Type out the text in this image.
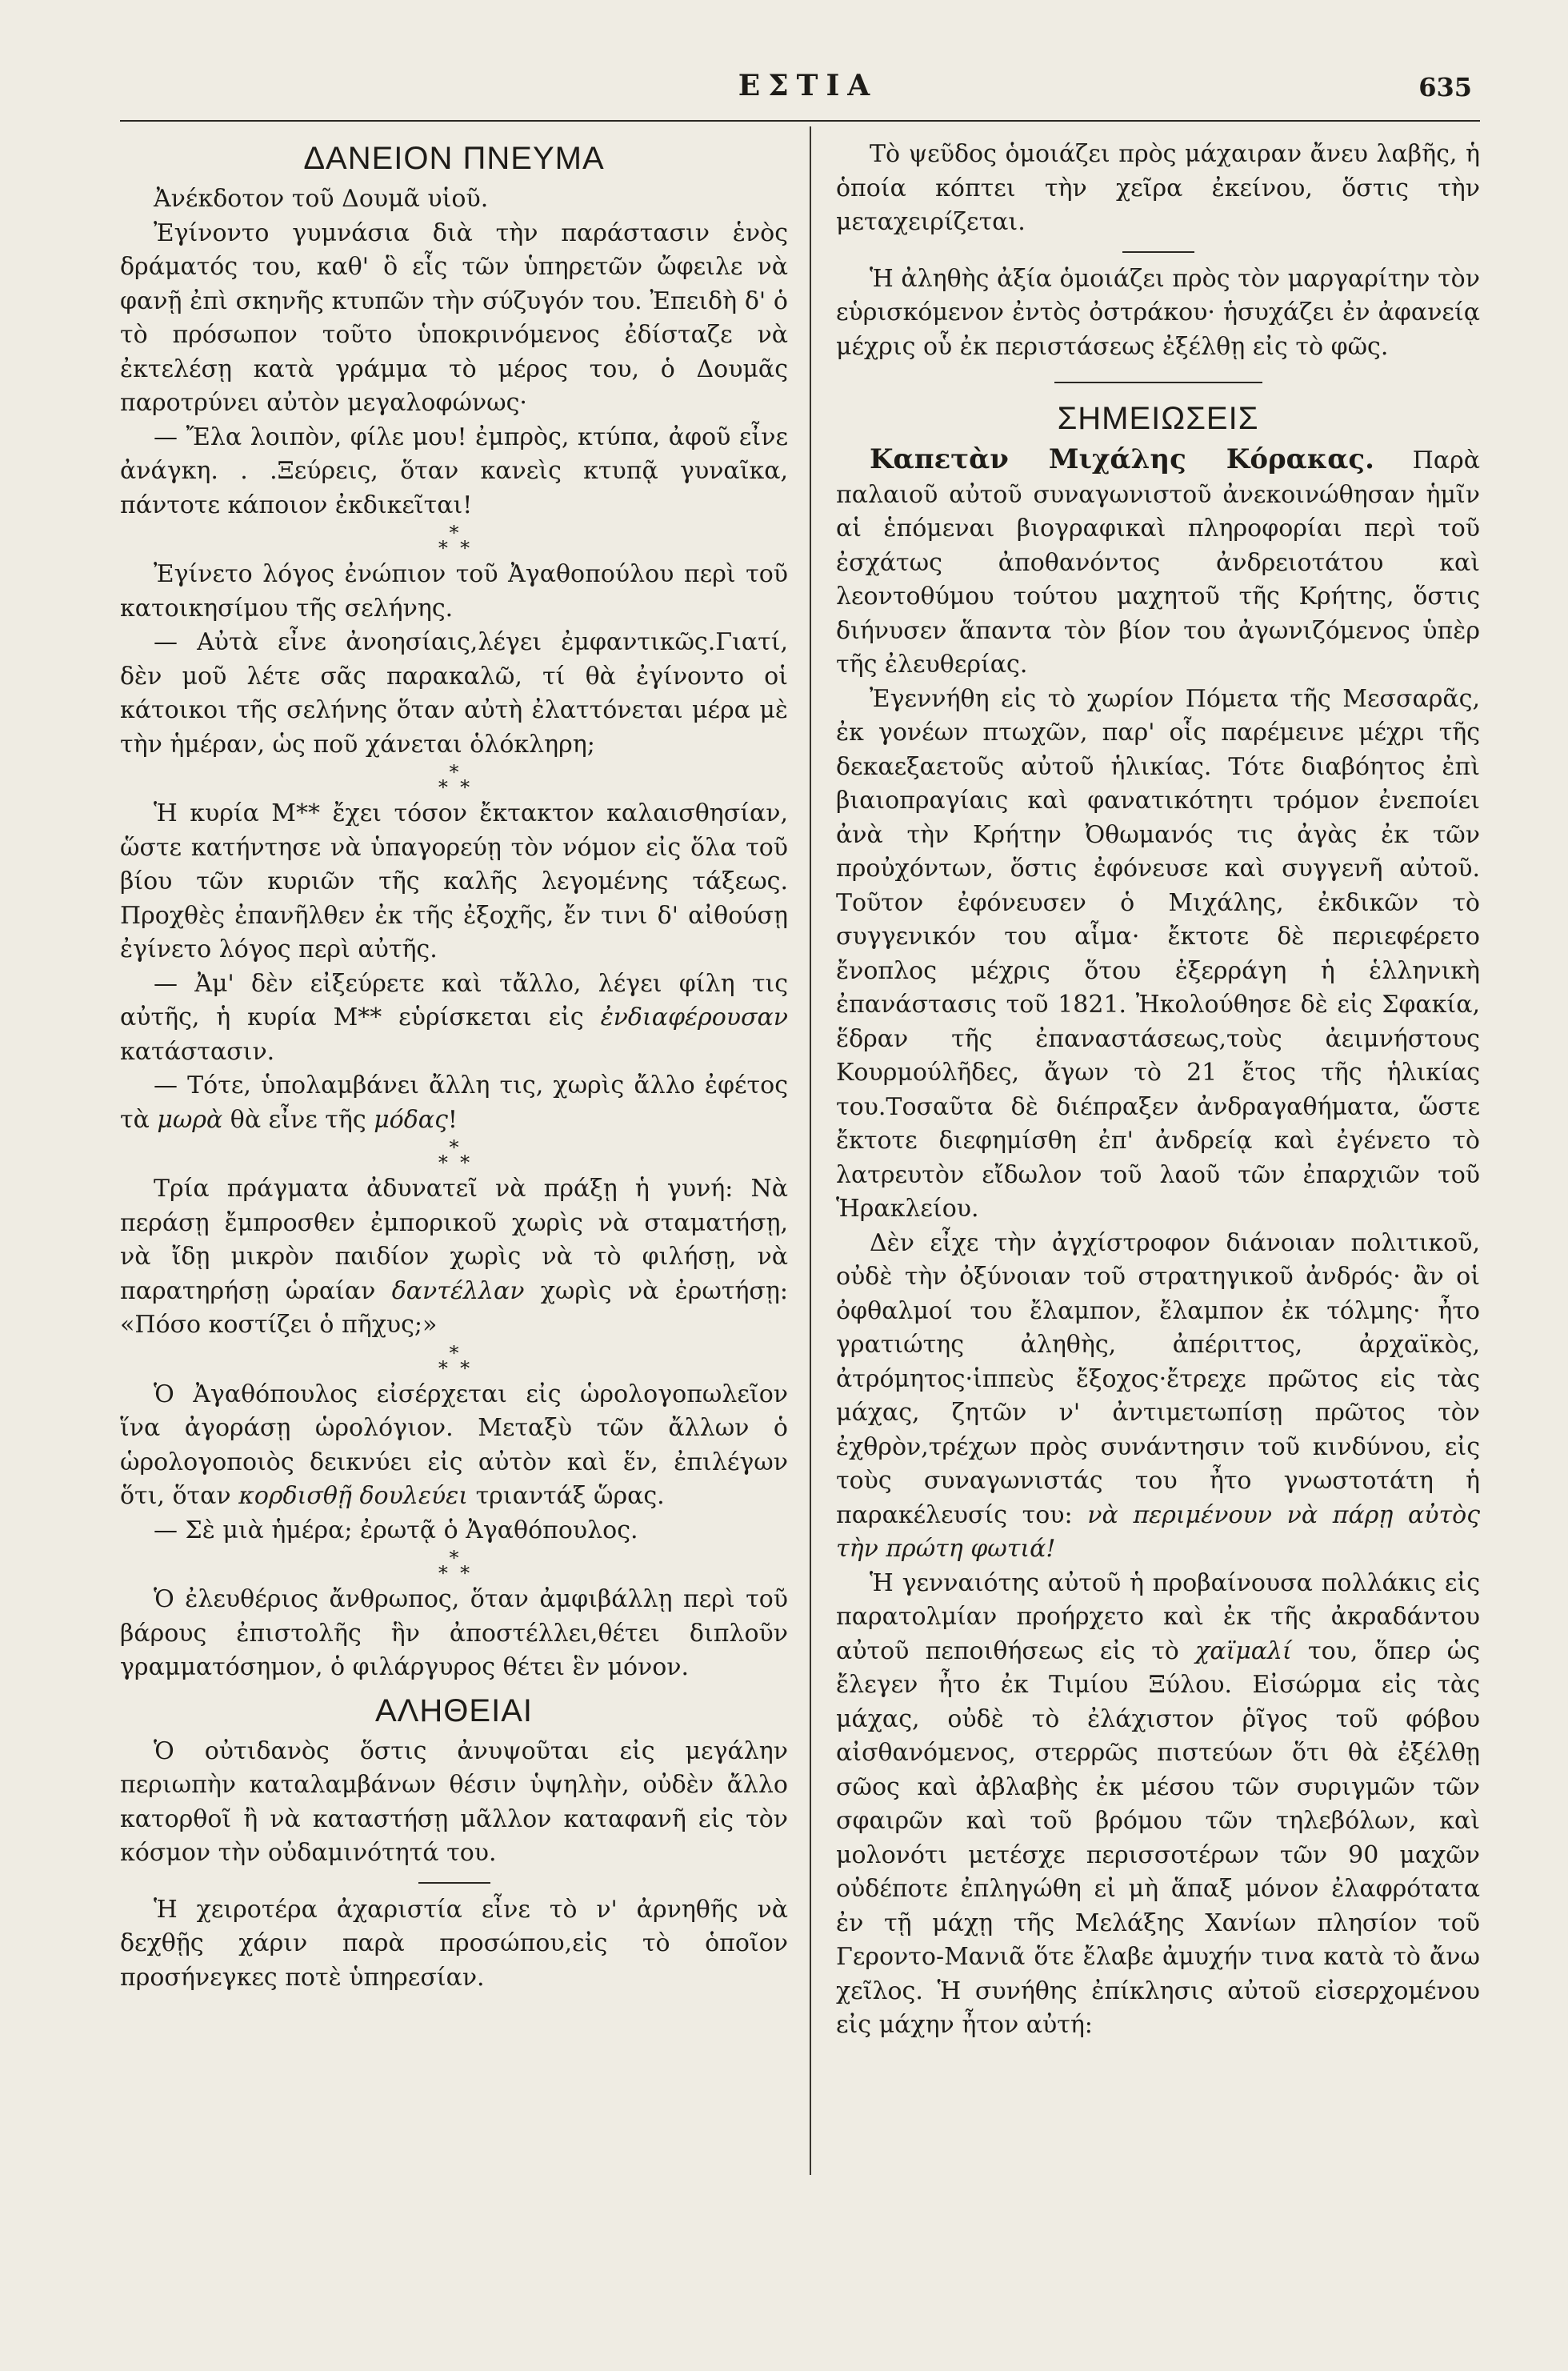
ΕΣΤΙΑ	635
ΔΑΝΕΙΟΝ ΠΝΕΥΜΑ

Ἀνέκδοτον τοῦ Δουμᾶ υἱοῦ.

Ἐγίνοντο γυμνάσια διὰ τὴν παράστασιν ἑνὸς δράματός του, καθ' ὃ εἷς τῶν ὑπηρετῶν ὤφειλε νὰ φανῇ ἐπὶ σκηνῆς κτυπῶν τὴν σύζυγόν του. Ἐπειδὴ δ' ὁ τὸ πρόσωπον τοῦτο ὑποκρινόμενος ἐδίσταζε νὰ ἐκτελέσῃ κατὰ γράμμα τὸ μέρος του, ὁ Δουμᾶς παροτρύνει αὐτὸν μεγαλοφώνως·

— Ἔλα λοιπὸν, φίλε μου! ἐμπρὸς, κτύπα, ἀφοῦ εἶνε ἀνάγκη. . .Ξεύρεις, ὅταν κανεὶς κτυπᾷ γυναῖκα, πάντοτε κάποιον ἐκδικεῖται!

*
* *

Ἐγίνετο λόγος ἐνώπιον τοῦ Ἀγαθοπούλου περὶ τοῦ κατοικησίμου τῆς σελήνης.

— Αὐτὰ εἶνε ἀνοησίαις,λέγει ἐμφαντικῶς.Γιατί, δὲν μοῦ λέτε σᾶς παρακαλῶ, τί θὰ ἐγίνοντο οἱ κάτοικοι τῆς σελήνης ὅταν αὐτὴ ἐλαττόνεται μέρα μὲ τὴν ἡμέραν, ὡς ποῦ χάνεται ὁλόκληρη;

*
* *

Ἡ κυρία Μ** ἔχει τόσον ἔκτακτον καλαισθησίαν, ὥστε κατήντησε νὰ ὑπαγορεύῃ τὸν νόμον εἰς ὅλα τοῦ βίου τῶν κυριῶν τῆς καλῆς λεγομένης τάξεως. Προχθὲς ἐπανῆλθεν ἐκ τῆς ἐξοχῆς, ἔν τινι δ' αἰθούσῃ ἐγίνετο λόγος περὶ αὐτῆς.

— Ἀμ' δὲν εἰξεύρετε καὶ τἄλλο, λέγει φίλη τις αὐτῆς, ἡ κυρία Μ** εὑρίσκεται εἰς ἐνδιαφέρουσαν κατάστασιν.

— Τότε, ὑπολαμβάνει ἄλλη τις, χωρὶς ἄλλο ἐφέτος τὰ μωρὰ θὰ εἶνε τῆς μόδας!

*
* *

Τρία πράγματα ἀδυνατεῖ νὰ πράξῃ ἡ γυνή: Νὰ περάσῃ ἔμπροσθεν ἐμπορικοῦ χωρὶς νὰ σταματήσῃ, νὰ ἴδῃ μικρὸν παιδίον χωρὶς νὰ τὸ φιλήσῃ, νὰ παρατηρήσῃ ὡραίαν δαντέλλαν χωρὶς νὰ ἐρωτήσῃ: «Πόσο κοστίζει ὁ πῆχυς;»

*
* *

Ὁ Ἀγαθόπουλος εἰσέρχεται εἰς ὡρολογοπωλεῖον ἵνα ἀγοράσῃ ὡρολόγιον. Μεταξὺ τῶν ἄλλων ὁ ὡρολογοποιὸς δεικνύει εἰς αὐτὸν καὶ ἕν, ἐπιλέγων ὅτι, ὅταν κορδισθῇ δουλεύει τριαντάξ ὥρας.

— Σὲ μιὰ ἡμέρα; ἐρωτᾷ ὁ Ἀγαθόπουλος.

*
* *

Ὁ ἐλευθέριος ἄνθρωπος, ὅταν ἀμφιβάλλῃ περὶ τοῦ βάρους ἐπιστολῆς ἣν ἀποστέλλει,θέτει διπλοῦν γραμματόσημον, ὁ φιλάργυρος θέτει ἓν μόνον.

ΑΛΗΘΕΙΑΙ

Ὁ οὐτιδανὸς ὅστις ἀνυψοῦται εἰς μεγάλην περιωπὴν καταλαμβάνων θέσιν ὑψηλὴν, οὐδὲν ἄλλο κατορθοῖ ἢ νὰ καταστήσῃ μᾶλλον καταφανῆ εἰς τὸν κόσμον τὴν οὐδαμινότητά του.

Ἡ χειροτέρα ἀχαριστία εἶνε τὸ ν' ἀρνηθῆς νὰ δεχθῇς χάριν παρὰ προσώπου,εἰς τὸ ὁποῖον προσήνεγκες ποτὲ ὑπηρεσίαν.

Τὸ ψεῦδος ὁμοιάζει πρὸς μάχαιραν ἄνευ λαβῆς, ἡ ὁποία κόπτει τὴν χεῖρα ἐκείνου, ὅστις τὴν μεταχειρίζεται.

Ἡ ἀληθὴς ἀξία ὁμοιάζει πρὸς τὸν μαργαρίτην τὸν εὑρισκόμενον ἐντὸς ὀστράκου· ἡσυχάζει ἐν ἀφανείᾳ μέχρις οὗ ἐκ περιστάσεως ἐξέλθῃ εἰς τὸ φῶς.

ΣΗΜΕΙΩΣΕΙΣ

Καπετὰν Μιχάλης Κόρακας. Παρὰ παλαιοῦ αὐτοῦ συναγωνιστοῦ ἀνεκοινώθησαν ἡμῖν αἱ ἑπόμεναι βιογραφικαὶ πληροφορίαι περὶ τοῦ ἐσχάτως ἀποθανόντος ἀνδρειοτάτου καὶ λεοντοθύμου τούτου μαχητοῦ τῆς Κρήτης, ὅστις διήνυσεν ἅπαντα τὸν βίον του ἀγωνιζόμενος ὑπὲρ τῆς ἐλευθερίας.

Ἐγεννήθη εἰς τὸ χωρίον Πόμετα τῆς Μεσσαρᾶς, ἐκ γονέων πτωχῶν, παρ' οἷς παρέμεινε μέχρι τῆς δεκαεξαετοῦς αὐτοῦ ἡλικίας. Τότε διαβόητος ἐπὶ βιαιοπραγίαις καὶ φανατικότητι τρόμον ἐνεποίει ἀνὰ τὴν Κρήτην Ὀθωμανός τις ἀγὰς ἐκ τῶν προὐχόντων, ὅστις ἐφόνευσε καὶ συγγενῆ αὐτοῦ. Τοῦτον ἐφόνευσεν ὁ Μιχάλης, ἐκδικῶν τὸ συγγενικόν του αἷμα· ἔκτοτε δὲ περιεφέρετο ἔνοπλος μέχρις ὅτου ἐξερράγη ἡ ἑλληνικὴ ἐπανάστασις τοῦ 1821. Ἠκολούθησε δὲ εἰς Σφακία, ἕδραν τῆς ἐπαναστάσεως,τοὺς ἀειμνήστους Κουρμούλῆδες, ἄγων τὸ 21 ἔτος τῆς ἡλικίας του.Τοσαῦτα δὲ διέπραξεν ἀνδραγαθήματα, ὥστε ἔκτοτε διεφημίσθη ἐπ' ἀνδρείᾳ καὶ ἐγένετο τὸ λατρευτὸν εἴδωλον τοῦ λαοῦ τῶν ἐπαρχιῶν τοῦ Ἡρακλείου.

Δὲν εἶχε τὴν ἀγχίστροφον διάνοιαν πολιτικοῦ, οὐδὲ τὴν ὀξύνοιαν τοῦ στρατηγικοῦ ἀνδρός· ἂν οἱ ὀφθαλμοί του ἔλαμπον, ἔλαμπον ἐκ τόλμης· ἦτο γρατιώτης ἀληθὴς, ἀπέριττος, ἀρχαϊκὸς, ἀτρόμητος·ἱππεὺς ἔξοχος·ἔτρεχε πρῶτος εἰς τὰς μάχας, ζητῶν ν' ἀντιμετωπίσῃ πρῶτος τὸν ἐχθρὸν,τρέχων πρὸς συνάντησιν τοῦ κινδύνου, εἰς τοὺς συναγωνιστάς του ἦτο γνωστοτάτη ἡ παρακέλευσίς του: νὰ περιμένουν νὰ πάρῃ αὐτὸς τὴν πρώτη φωτιά!

Ἡ γενναιότης αὐτοῦ ἡ προβαίνουσα πολλάκις εἰς παρατολμίαν προήρχετο καὶ ἐκ τῆς ἀκραδάντου αὐτοῦ πεποιθήσεως εἰς τὸ χαϊμαλί του, ὅπερ ὡς ἔλεγεν ἦτο ἐκ Τιμίου Ξύλου. Εἰσώρμα εἰς τὰς μάχας, οὐδὲ τὸ ἐλάχιστον ῥῖγος τοῦ φόβου αἰσθανόμενος, στερρῶς πιστεύων ὅτι θὰ ἐξέλθῃ σῶος καὶ ἀβλαβὴς ἐκ μέσου τῶν συριγμῶν τῶν σφαιρῶν καὶ τοῦ βρόμου τῶν τηλεβόλων, καὶ μολονότι μετέσχε περισσοτέρων τῶν 90 μαχῶν οὐδέποτε ἐπληγώθη εἰ μὴ ἅπαξ μόνον ἐλαφρότατα ἐν τῇ μάχῃ τῆς Μελάξης Χανίων πλησίον τοῦ Γεροντο-Μανιᾶ ὅτε ἔλαβε ἀμυχήν τινα κατὰ τὸ ἄνω χεῖλος. Ἡ συνήθης ἐπίκλησις αὐτοῦ εἰσερχομένου εἰς μάχην ἦτον αὐτή:
